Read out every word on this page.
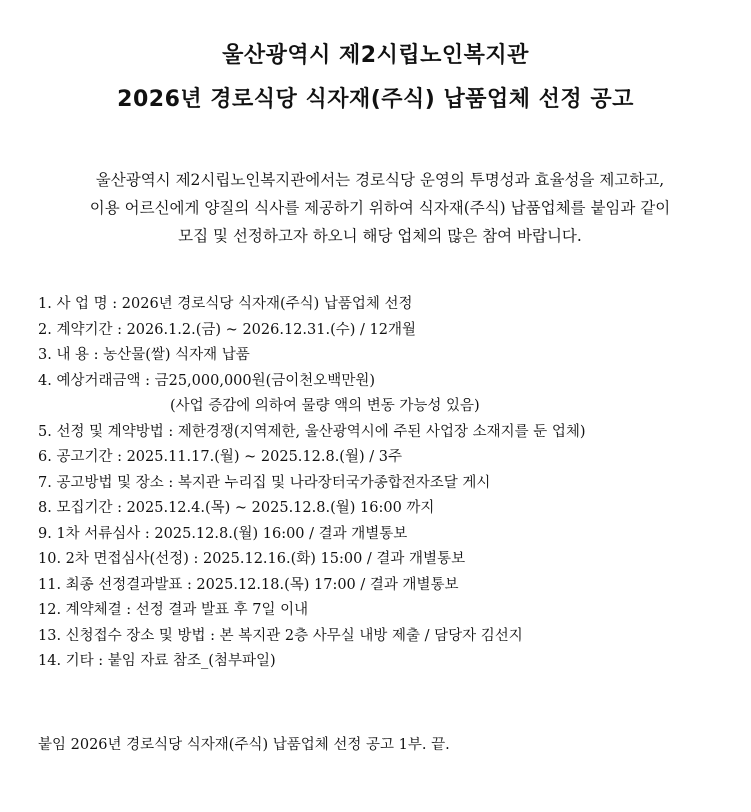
울산광역시 제2시립노인복지관
2026년 경로식당 식자재(주식) 납품업체 선정 공고
울산광역시 제2시립노인복지관에서는 경로식당 운영의 투명성과 효율성을 제고하고,
이용 어르신에게 양질의 식사를 제공하기 위하여 식자재(주식) 납품업체를 붙임과 같이
모집 및 선정하고자 하오니 해당 업체의 많은 참여 바랍니다.
1. 사 업 명 : 2026년 경로식당 식자재(주식) 납품업체 선정
2. 계약기간 : 2026.1.2.(금) ~ 2026.12.31.(수) / 12개월
3. 내 용 : 농산물(쌀) 식자재 납품
4. 예상거래금액 : 금25,000,000원(금이천오백만원)
(사업 증감에 의하여 물량 액의 변동 가능성 있음)
5. 선정 및 계약방법 : 제한경쟁(지역제한, 울산광역시에 주된 사업장 소재지를 둔 업체)
6. 공고기간 : 2025.11.17.(월) ~ 2025.12.8.(월) / 3주
7. 공고방법 및 장소 : 복지관 누리집 및 나라장터국가종합전자조달 게시
8. 모집기간 : 2025.12.4.(목) ~ 2025.12.8.(월) 16:00 까지
9. 1차 서류심사 : 2025.12.8.(월) 16:00 / 결과 개별통보
10. 2차 면접심사(선정) : 2025.12.16.(화) 15:00 / 결과 개별통보
11. 최종 선정결과발표 : 2025.12.18.(목) 17:00 / 결과 개별통보
12. 계약체결 : 선정 결과 발표 후 7일 이내
13. 신청접수 장소 및 방법 : 본 복지관 2층 사무실 내방 제출 / 담당자 김선지
14. 기타 : 붙임 자료 참조_(첨부파일)
붙임 2026년 경로식당 식자재(주식) 납품업체 선정 공고 1부. 끝.
